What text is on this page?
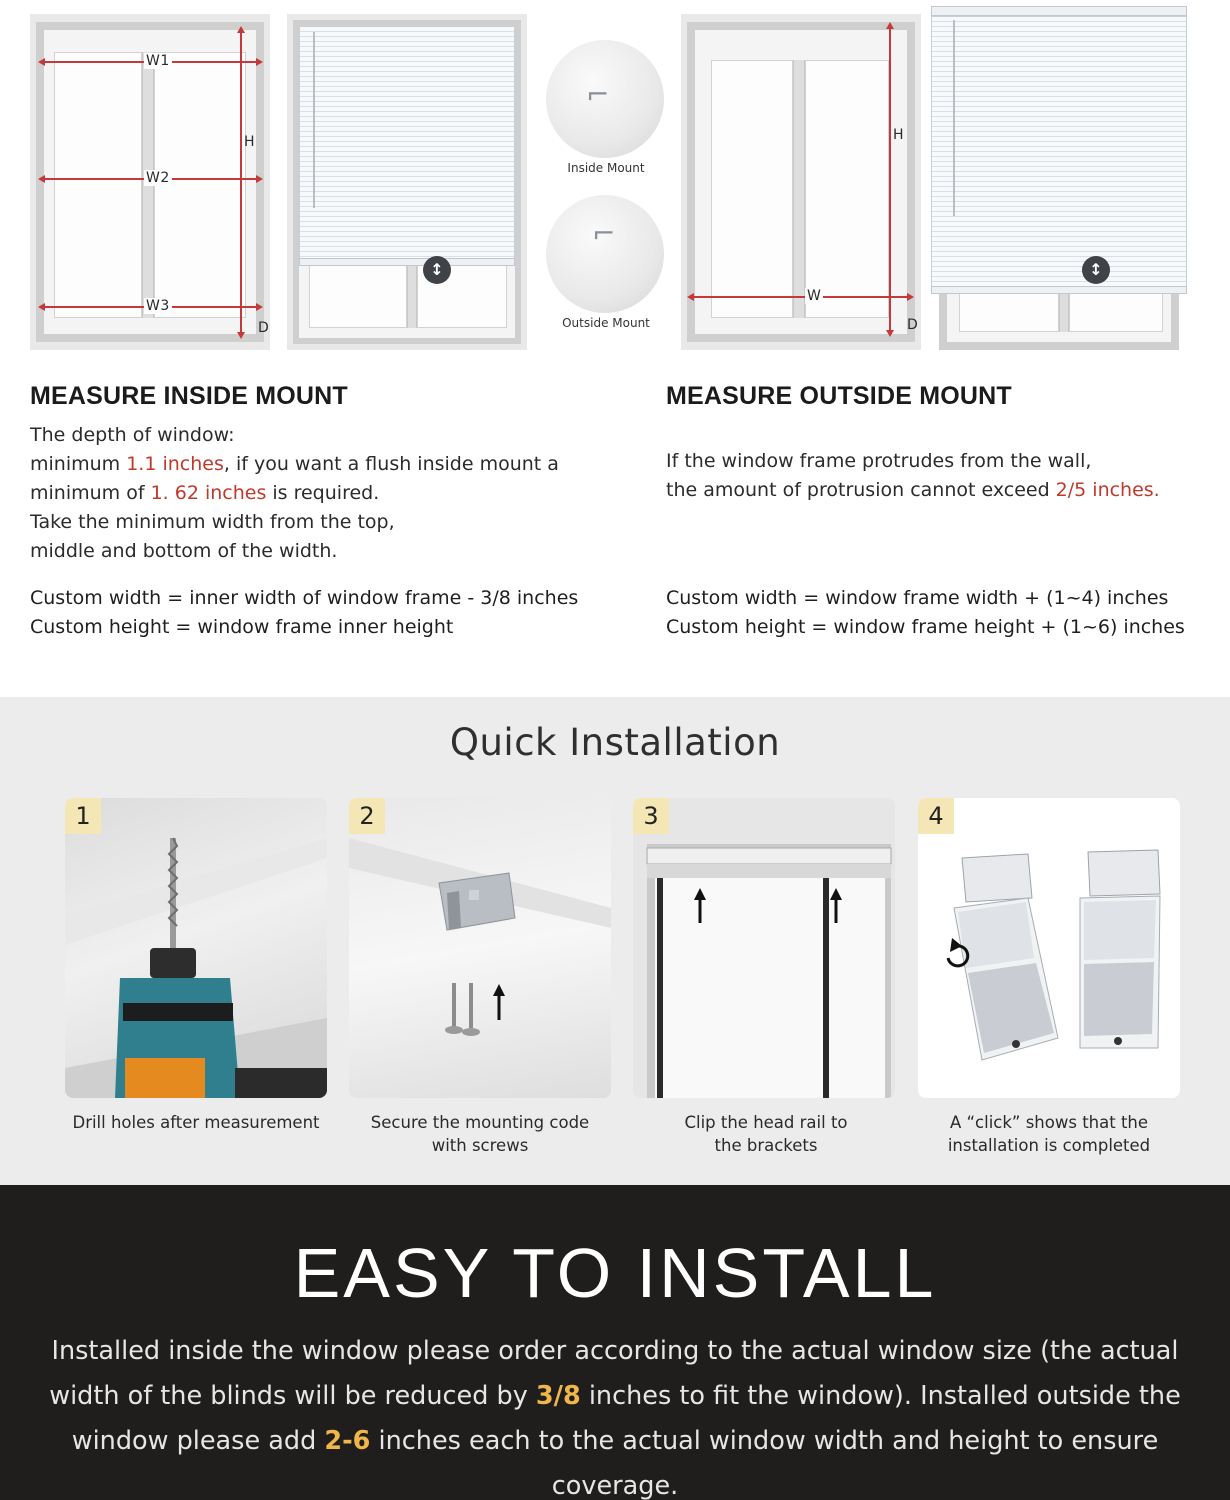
W1
W2
W3
H
D
↕
⌐
Inside Mount
⌐
Outside Mount
W
H
D
↕
MEASURE INSIDE MOUNT
The depth of window:
minimum 1.1 inches, if you want a flush inside mount a
minimum of 1. 62 inches is required.
Take the minimum width from the top,
middle and bottom of the width.
Custom width = inner width of window frame - 3/8 inches
Custom height = window frame inner height
MEASURE OUTSIDE MOUNT
If the window frame protrudes from the wall,
the amount of protrusion cannot exceed 2/5 inches.
Custom width = window frame width + (1~4) inches
Custom height = window frame height + (1~6) inches
Quick Installation
1
Drill holes after measurement
2
Secure the mounting code
with screws
3
Clip the head rail to
the brackets
4
A “click” shows that the
installation is completed
EASY TO INSTALL
Installed inside the window please order according to the actual window size (the actual width of the blinds will be reduced by 3/8 inches to fit the window). Installed outside the window please add 2-6 inches each to the actual window width and height to ensure coverage.
